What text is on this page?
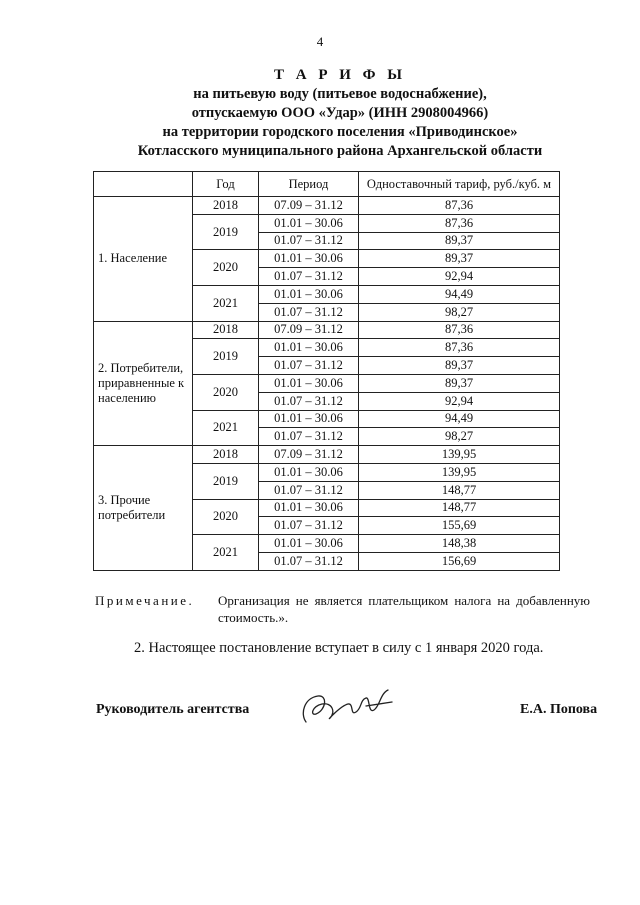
4
Т А Р И Ф Ы
на питьевую воду (питьевое водоснабжение),
отпускаемую ООО «Удар» (ИНН 2908004966)
на территории городского поселения «Приводинское»
Котласского муниципального района Архангельской области
	Год	Период	Одноставочный тариф, руб./куб. м
1. Население	2018	07.09 – 31.12	87,36
	2019	01.01 – 30.06	87,36
		01.07 – 31.12	89,37
	2020	01.01 – 30.06	89,37
		01.07 – 31.12	92,94
	2021	01.01 – 30.06	94,49
		01.07 – 31.12	98,27
2. Потребители, приравненные к населению	2018	07.09 – 31.12	87,36
	2019	01.01 – 30.06	87,36
		01.07 – 31.12	89,37
	2020	01.01 – 30.06	89,37
		01.07 – 31.12	92,94
	2021	01.01 – 30.06	94,49
		01.07 – 31.12	98,27
3. Прочие потребители	2018	07.09 – 31.12	139,95
	2019	01.01 – 30.06	139,95
		01.07 – 31.12	148,77
	2020	01.01 – 30.06	148,77
		01.07 – 31.12	155,69
	2021	01.01 – 30.06	148,38
		01.07 – 31.12	156,69
Примечание. Организация не является плательщиком налога на добавленную стоимость.».
2. Настоящее постановление вступает в силу с 1 января 2020 года.
Руководитель агентства	Е.А. Попова
